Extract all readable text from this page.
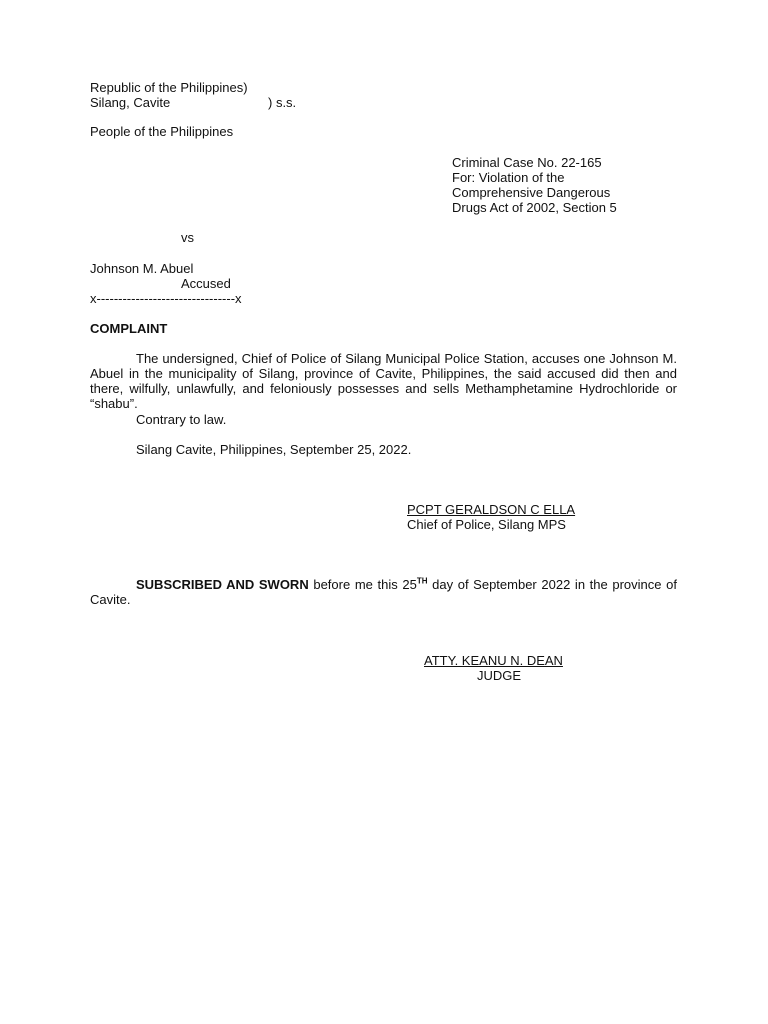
Republic of the Philippines)
Silang, Cavite	) s.s.
People of the Philippines
Criminal Case No. 22-165
For: Violation of the
Comprehensive Dangerous
Drugs Act of 2002, Section 5
vs
Johnson M. Abuel
Accused
x--------------------------------x
COMPLAINT
The undersigned, Chief of Police of Silang Municipal Police Station, accuses one Johnson M. Abuel in the municipality of Silang, province of Cavite, Philippines, the said accused did then and there, wilfully, unlawfully, and feloniously possesses and sells Methamphetamine Hydrochloride or “shabu”.
Contrary to law.
Silang Cavite, Philippines, September 25, 2022.
PCPT GERALDSON C ELLA
Chief of Police, Silang MPS
SUBSCRIBED AND SWORN before me this 25TH day of September 2022 in the province of Cavite.
ATTY. KEANU N. DEAN
JUDGE
